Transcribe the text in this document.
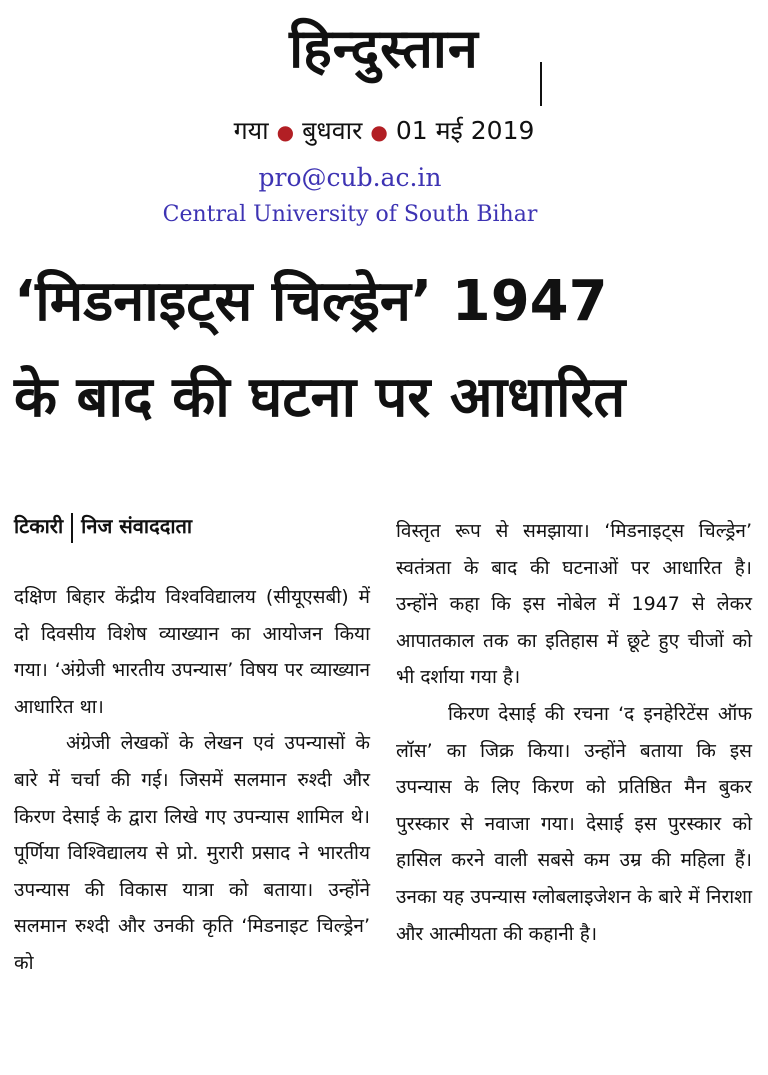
हिन्दुस्तान
गया ● बुधवार ● 01 मई 2019
pro@cub.ac.in
Central University of South Bihar
‘मिडनाइट्स चिल्ड्रेन’ 1947
के बाद की घटना पर आधारित
टिकारी निज संवाददाता

दक्षिण बिहार केंद्रीय विश्वविद्यालय (सीयूएसबी) में दो दिवसीय विशेष व्याख्यान का आयोजन किया गया। ‘अंग्रेजी भारतीय उपन्यास’ विषय पर व्याख्यान आधारित था।

अंग्रेजी लेखकों के लेखन एवं उपन्यासों के बारे में चर्चा की गई। जिसमें सलमान रुश्दी और किरण देसाई के द्वारा लिखे गए उपन्यास शामिल थे। पूर्णिया विश्विद्यालय से प्रो. मुरारी प्रसाद ने भारतीय उपन्यास की विकास यात्रा को बताया। उन्होंने सलमान रुश्दी और उनकी कृति ‘मिडनाइट चिल्ड्रेन’ को

विस्तृत रूप से समझाया। ‘मिडनाइट्स चिल्ड्रेन’ स्वतंत्रता के बाद की घटनाओं पर आधारित है। उन्होंने कहा कि इस नोबेल में 1947 से लेकर आपातकाल तक का इतिहास में छूटे हुए चीजों को भी दर्शाया गया है।

किरण देसाई की रचना ‘द इनहेरिटेंस ऑफ लॉस’ का जिक्र किया। उन्होंने बताया कि इस उपन्यास के लिए किरण को प्रतिष्ठित मैन बुकर पुरस्कार से नवाजा गया। देसाई इस पुरस्कार को हासिल करने वाली सबसे कम उम्र की महिला हैं। उनका यह उपन्यास ग्लोबलाइजेशन के बारे में निराशा और आत्मीयता की कहानी है।
